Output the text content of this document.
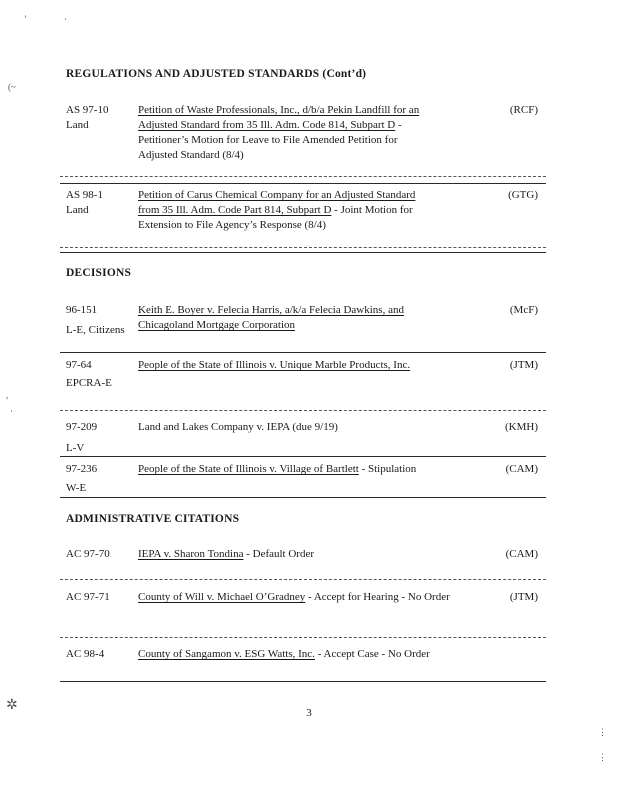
’	·
(~
,
·
✲
⋮
⋮
REGULATIONS AND ADJUSTED STANDARDS (Cont’d)
AS 97-10
Land
Petition of Waste Professionals, Inc., d/b/a Pekin Landfill for an Adjusted Standard from 35 Ill. Adm. Code 814, Subpart D - Petitioner’s Motion for Leave to File Amended Petition for Adjusted Standard (8/4)
(RCF)
AS 98-1
Land
Petition of Carus Chemical Company for an Adjusted Standard from 35 Ill. Adm. Code Part 814, Subpart D - Joint Motion for Extension to File Agency’s Response (8/4)
(GTG)
DECISIONS
96-151
L-E, Citizens
Keith E. Boyer v. Felecia Harris, a/k/a Felecia Dawkins, and Chicagoland Mortgage Corporation
(McF)
97-64
EPCRA-E
People of the State of Illinois v. Unique Marble Products, Inc.	(JTM)
97-209
L-V
Land and Lakes Company v. IEPA (due 9/19)	(KMH)
97-236
W-E
People of the State of Illinois v. Village of Bartlett - Stipulation	(CAM)
ADMINISTRATIVE CITATIONS
AC 97-70	IEPA v. Sharon Tondina - Default Order	(CAM)
AC 97-71	County of Will v. Michael O’Gradney - Accept for Hearing - No Order	(JTM)
AC 98-4	County of Sangamon v. ESG Watts, Inc. - Accept Case - No Order
3
